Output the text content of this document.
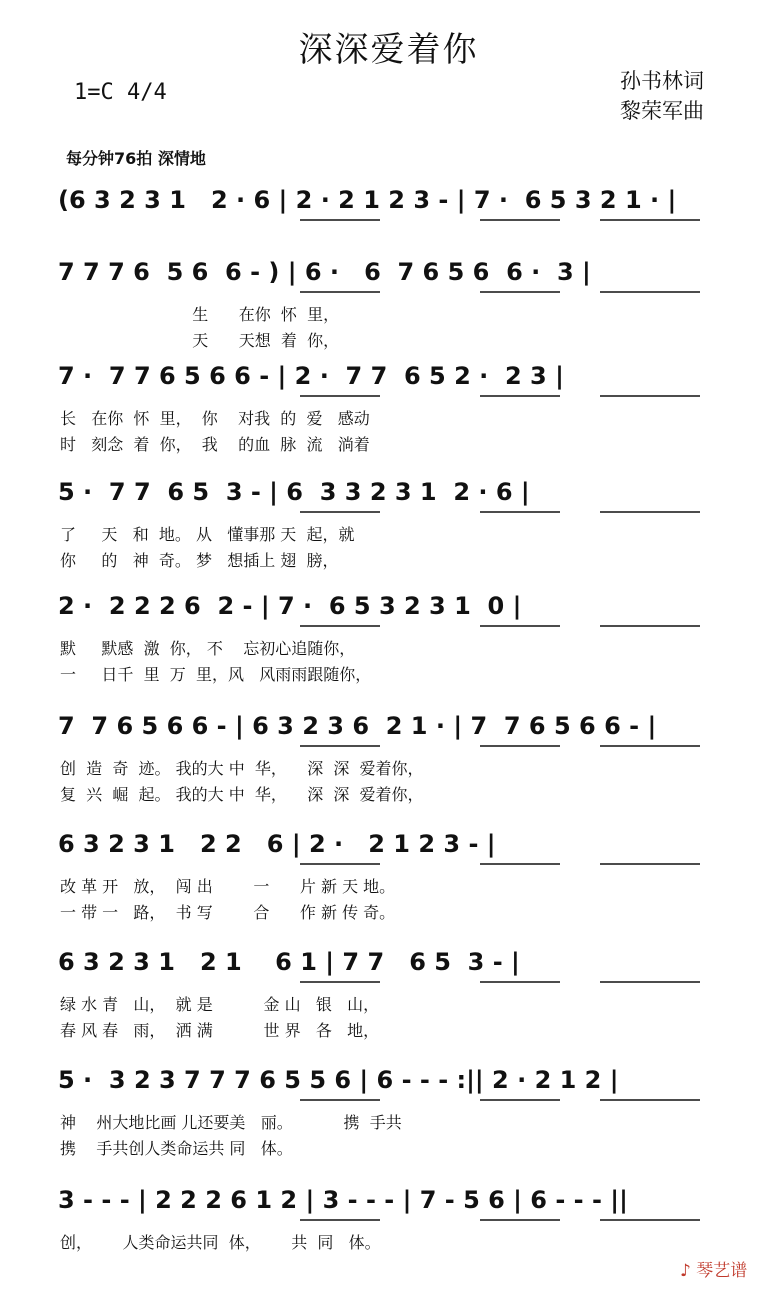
深深爱着你
1=C 4/4	孙书林词
黎荣军曲
每分钟76拍 深情地
(6 3 2 3 1   2 · 6 | 2 · 2 1 2 3 - | 7 ·  6 5 3 2 1 · |
7 7 7 6  5 6  6 - ) | 6 ·   6  7 6 5 6  6 ·  3 |
生      在你  怀  里，
天      天想  着  你，
7 ·  7 7 6 5 6 6 - | 2 ·  7 7  6 5 2 ·  2 3 |
长   在你  怀  里，  你    对我  的  爱   感动
时   刻念  着  你，  我    的血  脉  流   淌着
5 ·  7 7  6 5  3 - | 6  3 3 2 3 1  2 · 6 |
了     天   和  地。 从   懂事那 天  起，就
你     的   神  奇。 梦   想插上 翅  膀，
2 ·  2 2 2 6  2 - | 7 ·  6 5 3 2 3 1  0 |
默     默感  激  你， 不    忘初心追随你，
一     日千  里  万  里，风   风雨雨跟随你，
7  7 6 5 6 6 - | 6 3 2 3 6  2 1 · | 7  7 6 5 6 6 - |
创  造  奇  迹。 我的大 中  华，    深  深  爱着你，
复  兴  崛  起。 我的大 中  华，    深  深  爱着你，
6 3 2 3 1   2 2   6 | 2 ·   2 1 2 3 - |
改 革 开   放，  闯 出        一      片 新 天 地。
一 带 一   路，  书 写        合      作 新 传 奇。
6 3 2 3 1   2 1    6 1 | 7 7   6 5  3 - |
绿 水 青   山，  就 是          金 山   银   山，
春 风 春   雨，  洒 满          世 界   各   地，
5 ·  3 2 3 7 7 7 6 5 5 6 | 6 - - - :|| 2 · 2 1 2 |
神    州大地比画 儿还要美   丽。          携  手共
携    手共创人类命运共 同   体。
3 - - - | 2 2 2 6 1 2 | 3 - - - | 7 - 5 6 | 6 - - - ||
创，      人类命运共同  体，      共  同   体。
♪ 琴艺谱
